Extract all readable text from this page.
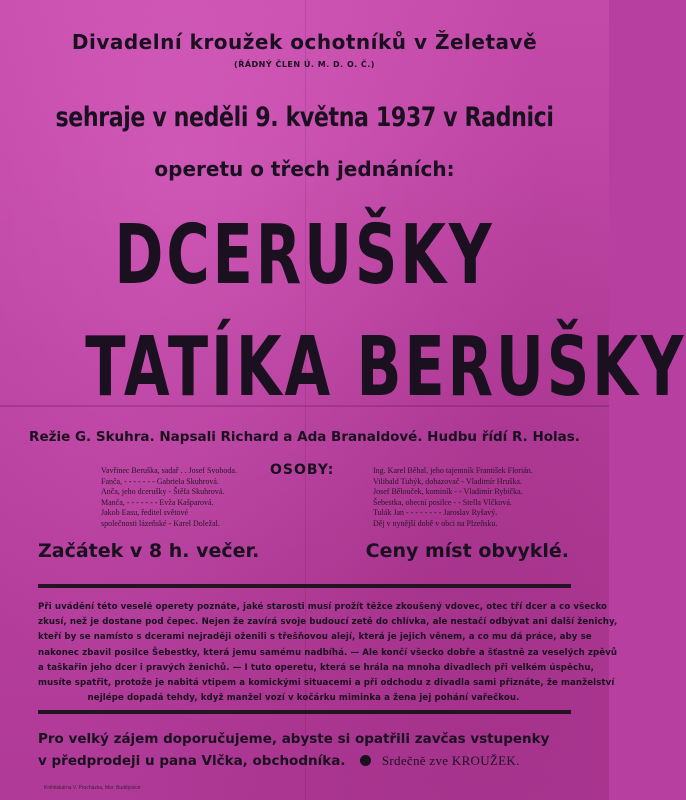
Divadelní kroužek ochotníků v Želetavě
(ŘÁDNÝ ČLEN Ú. M. D. O. Č.)
sehraje v neděli 9. května 1937 v Radnici
operetu o třech jednáních:
DCERUŠKY
TATÍKA BERUŠKY
Režie G. Skuhra. Napsali Richard a Ada Branaldové. Hudbu řídí R. Holas.
Vavřinec Beruška, sadař . . Josef Svoboda.
Fanča, - - - - - - - Gabriela Skuhrová.
Anča, jeho dcerušky - Štěfa Skuhrová.
Manča, - - - - - - - Evža Kašparová.
Jakob Easu, ředitel světové
společnosti lázeňské - Karel Doležal.
OSOBY:	Ing. Karel Běhal, jeho tajemník František Florián.
Vilibald Tuhýk, dohazovač - Vladimír Hruška.
Josef Bělouček, kominík - - Vladimír Rybička.
Šebestka, obecní posilce - - Stella Vlčková.
Tulák Jan - - - - - - - - Jaroslav Ryšavý.
Děj v nynější době v obci na Plzeňsku.
Začátek v 8 h. večer.	Ceny míst obvyklé.
Při uvádění této veselé operety poznáte, jaké starosti musí prožít těžce zkoušený vdovec, otec tří dcer a co všecko
zkusí, než je dostane pod čepec. Nejen že zavírá svoje budoucí zetě do chlívka, ale nestačí odbývat ani další ženichy,
kteří by se namísto s dcerami nejraději oženili s třešňovou alejí, která je jejich věnem, a co mu dá práce, aby se
nakonec zbavil posilce Šebestky, která jemu samému nadbíhá. — Ale končí všecko dobře a šťastně za veselých zpěvů
a taškařin jeho dcer i pravých ženichů. — I tuto operetu, která se hrála na mnoha divadlech při velkém úspěchu,
musíte spatřit, protože je nabitá vtipem a komickými situacemi a při odchodu z divadla sami přiznáte, že manželství
nejlépe dopadá tehdy, když manžel vozí v kočárku miminka a žena jej pohání vařečkou.
Pro velký zájem doporučujeme, abyste si opatřili zavčas vstupenky
v předprodeji u pana Vlčka, obchodníka.	Srdečně zve KROUŽEK.
Knihtiskárna V. Procházka, Mor. Budějovice
